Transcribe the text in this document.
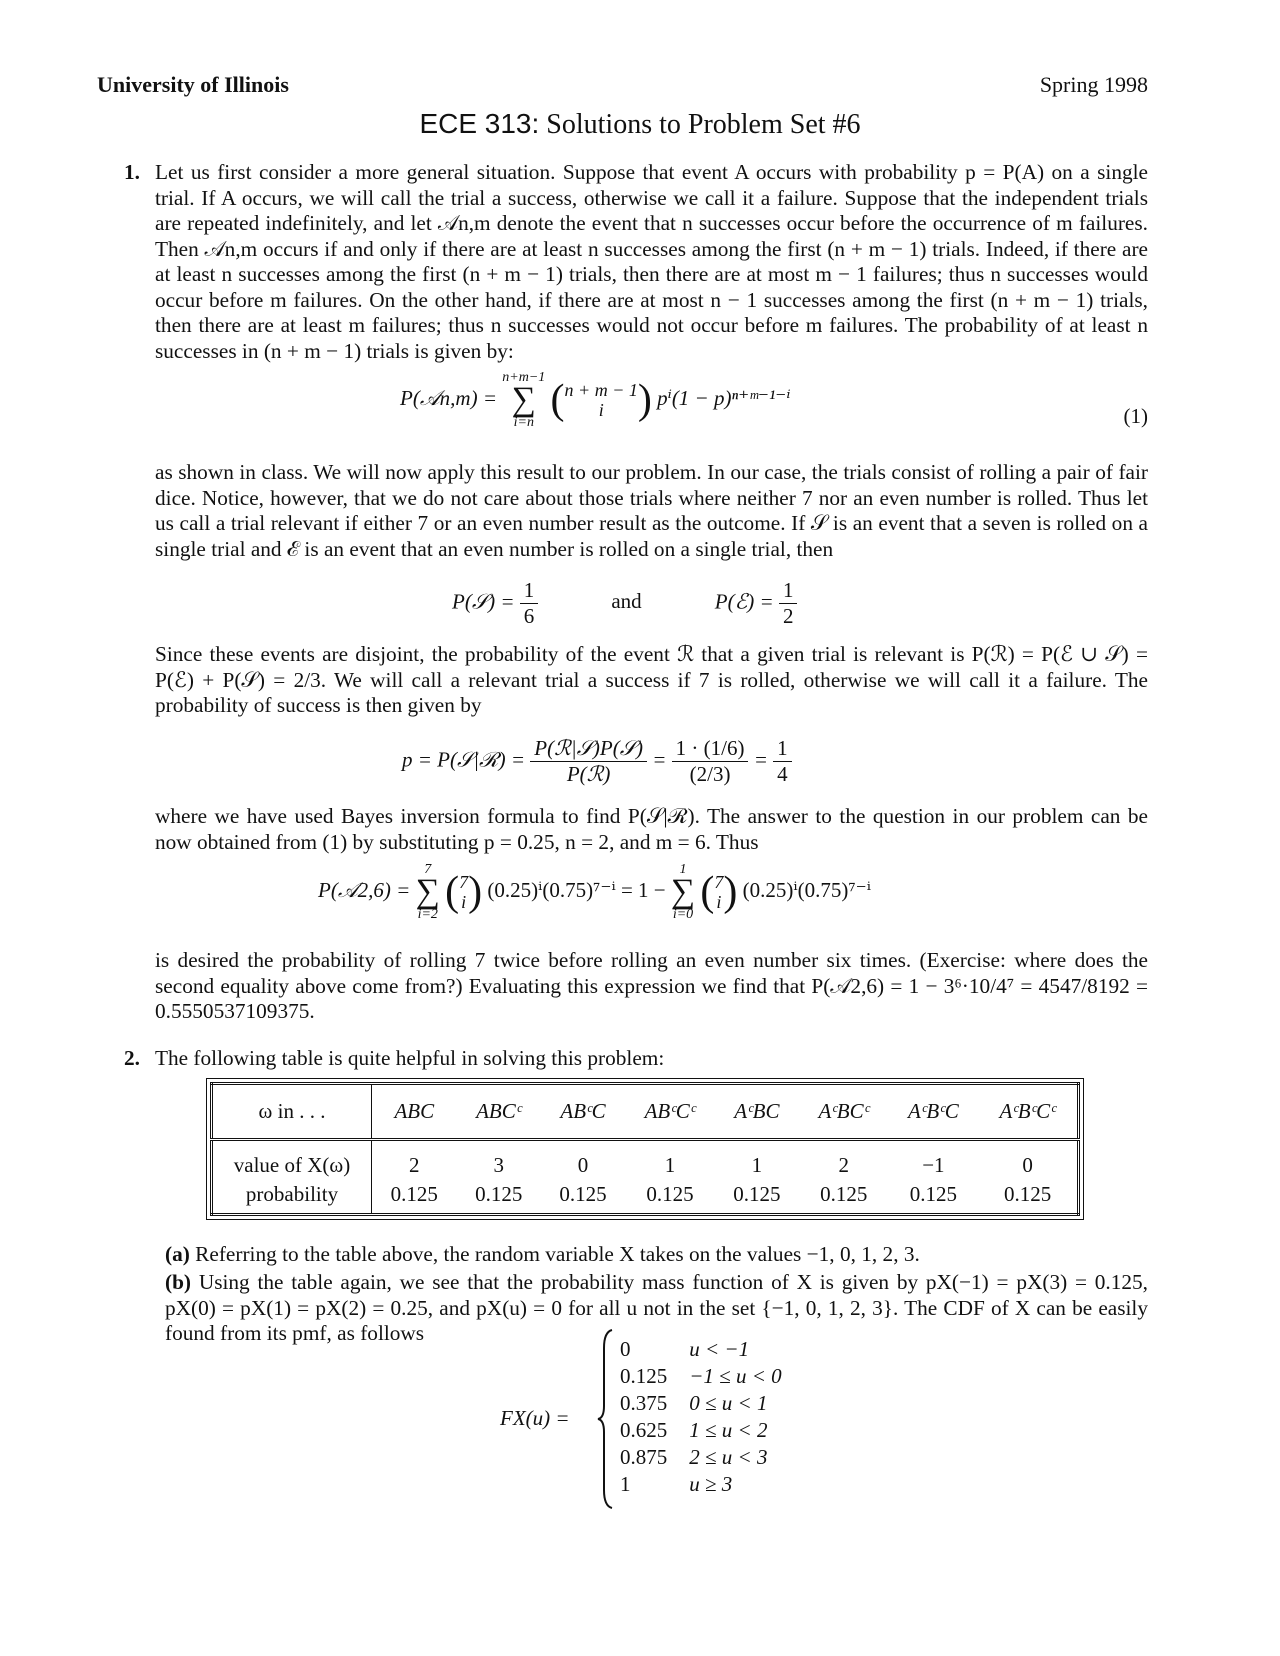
University of Illinois	Spring 1998
ECE 313: Solutions to Problem Set #6
1. Let us first consider a more general situation. Suppose that event A occurs with probability p = P(A) on a single trial. If A occurs, we will call the trial a success, otherwise we call it a failure. Suppose that the independent trials are repeated indefinitely, and let 𝒜n,m denote the event that n successes occur before the occurrence of m failures. Then 𝒜n,m occurs if and only if there are at least n successes among the first (n + m − 1) trials. Indeed, if there are at least n successes among the first (n + m − 1) trials, then there are at most m − 1 failures; thus n successes would occur before m failures. On the other hand, if there are at most n − 1 successes among the first (n + m − 1) trials, then there are at least m failures; thus n successes would not occur before m failures. The probability of at least n successes in (n + m − 1) trials is given by:
P(𝒜n,m) =
n+m−1
∑
i=n (n + m − 1
i ) pⁱ(1 − p)ⁿ⁺ᵐ⁻¹⁻ⁱ
(1)
as shown in class. We will now apply this result to our problem. In our case, the trials consist of rolling a pair of fair dice. Notice, however, that we do not care about those trials where neither 7 nor an even number is rolled. Thus let us call a trial relevant if either 7 or an even number result as the outcome. If 𝒮 is an event that a seven is rolled on a single trial and ℰ is an event that an even number is rolled on a single trial, then
P(𝒮) = $\frac{1}{6}$	and	P(ℰ) = $\frac{1}{2}$
Since these events are disjoint, the probability of the event ℛ that a given trial is relevant is P(ℛ) = P(ℰ ∪ 𝒮) = P(ℰ) + P(𝒮) = 2/3. We will call a relevant trial a success if 7 is rolled, otherwise we will call it a failure. The probability of success is then given by
p = P(𝒮|ℛ) = $\frac{\text{P(ℛ|𝒮)P(𝒮)}}{\text{P(ℛ)}} = \frac{1 \cdot (1/6)}{(2/3)} = \frac{1}{4}$
where we have used Bayes inversion formula to find P(𝒮|ℛ). The answer to the question in our problem can be now obtained from (1) by substituting p = 0.25, n = 2, and m = 6. Thus
P(𝒜2,6) =
7
∑
i=2 (7
i) (0.25)ⁱ(0.75)⁷⁻ⁱ = 1 −
1
∑
i=0 (7
i) (0.25)ⁱ(0.75)⁷⁻ⁱ
is desired the probability of rolling 7 twice before rolling an even number six times. (Exercise: where does the second equality above come from?) Evaluating this expression we find that P(𝒜2,6) = 1 − 3⁶·10/4⁷ = 4547/8192 = 0.5550537109375.
2. The following table is quite helpful in solving this problem:
ω in . . .	ABC	ABCᶜ	ABᶜC	ABᶜCᶜ	AᶜBC	AᶜBCᶜ	AᶜBᶜC	AᶜBᶜCᶜ
value of X(ω)	2	3	0	1	1	2	−1	0
probability	0.125	0.125	0.125	0.125	0.125	0.125	0.125	0.125
(a) Referring to the table above, the random variable X takes on the values −1, 0, 1, 2, 3.
(b) Using the table again, we see that the probability mass function of X is given by pX(−1) = pX(3) = 0.125, pX(0) = pX(1) = pX(2) = 0.25, and pX(u) = 0 for all u not in the set {−1, 0, 1, 2, 3}. The CDF of X can be easily found from its pmf, as follows
FX(u) =
0	u < −1
0.125	−1 ≤ u < 0
0.375	0 ≤ u < 1
0.625	1 ≤ u < 2
0.875	2 ≤ u < 3
1	u ≥ 3
